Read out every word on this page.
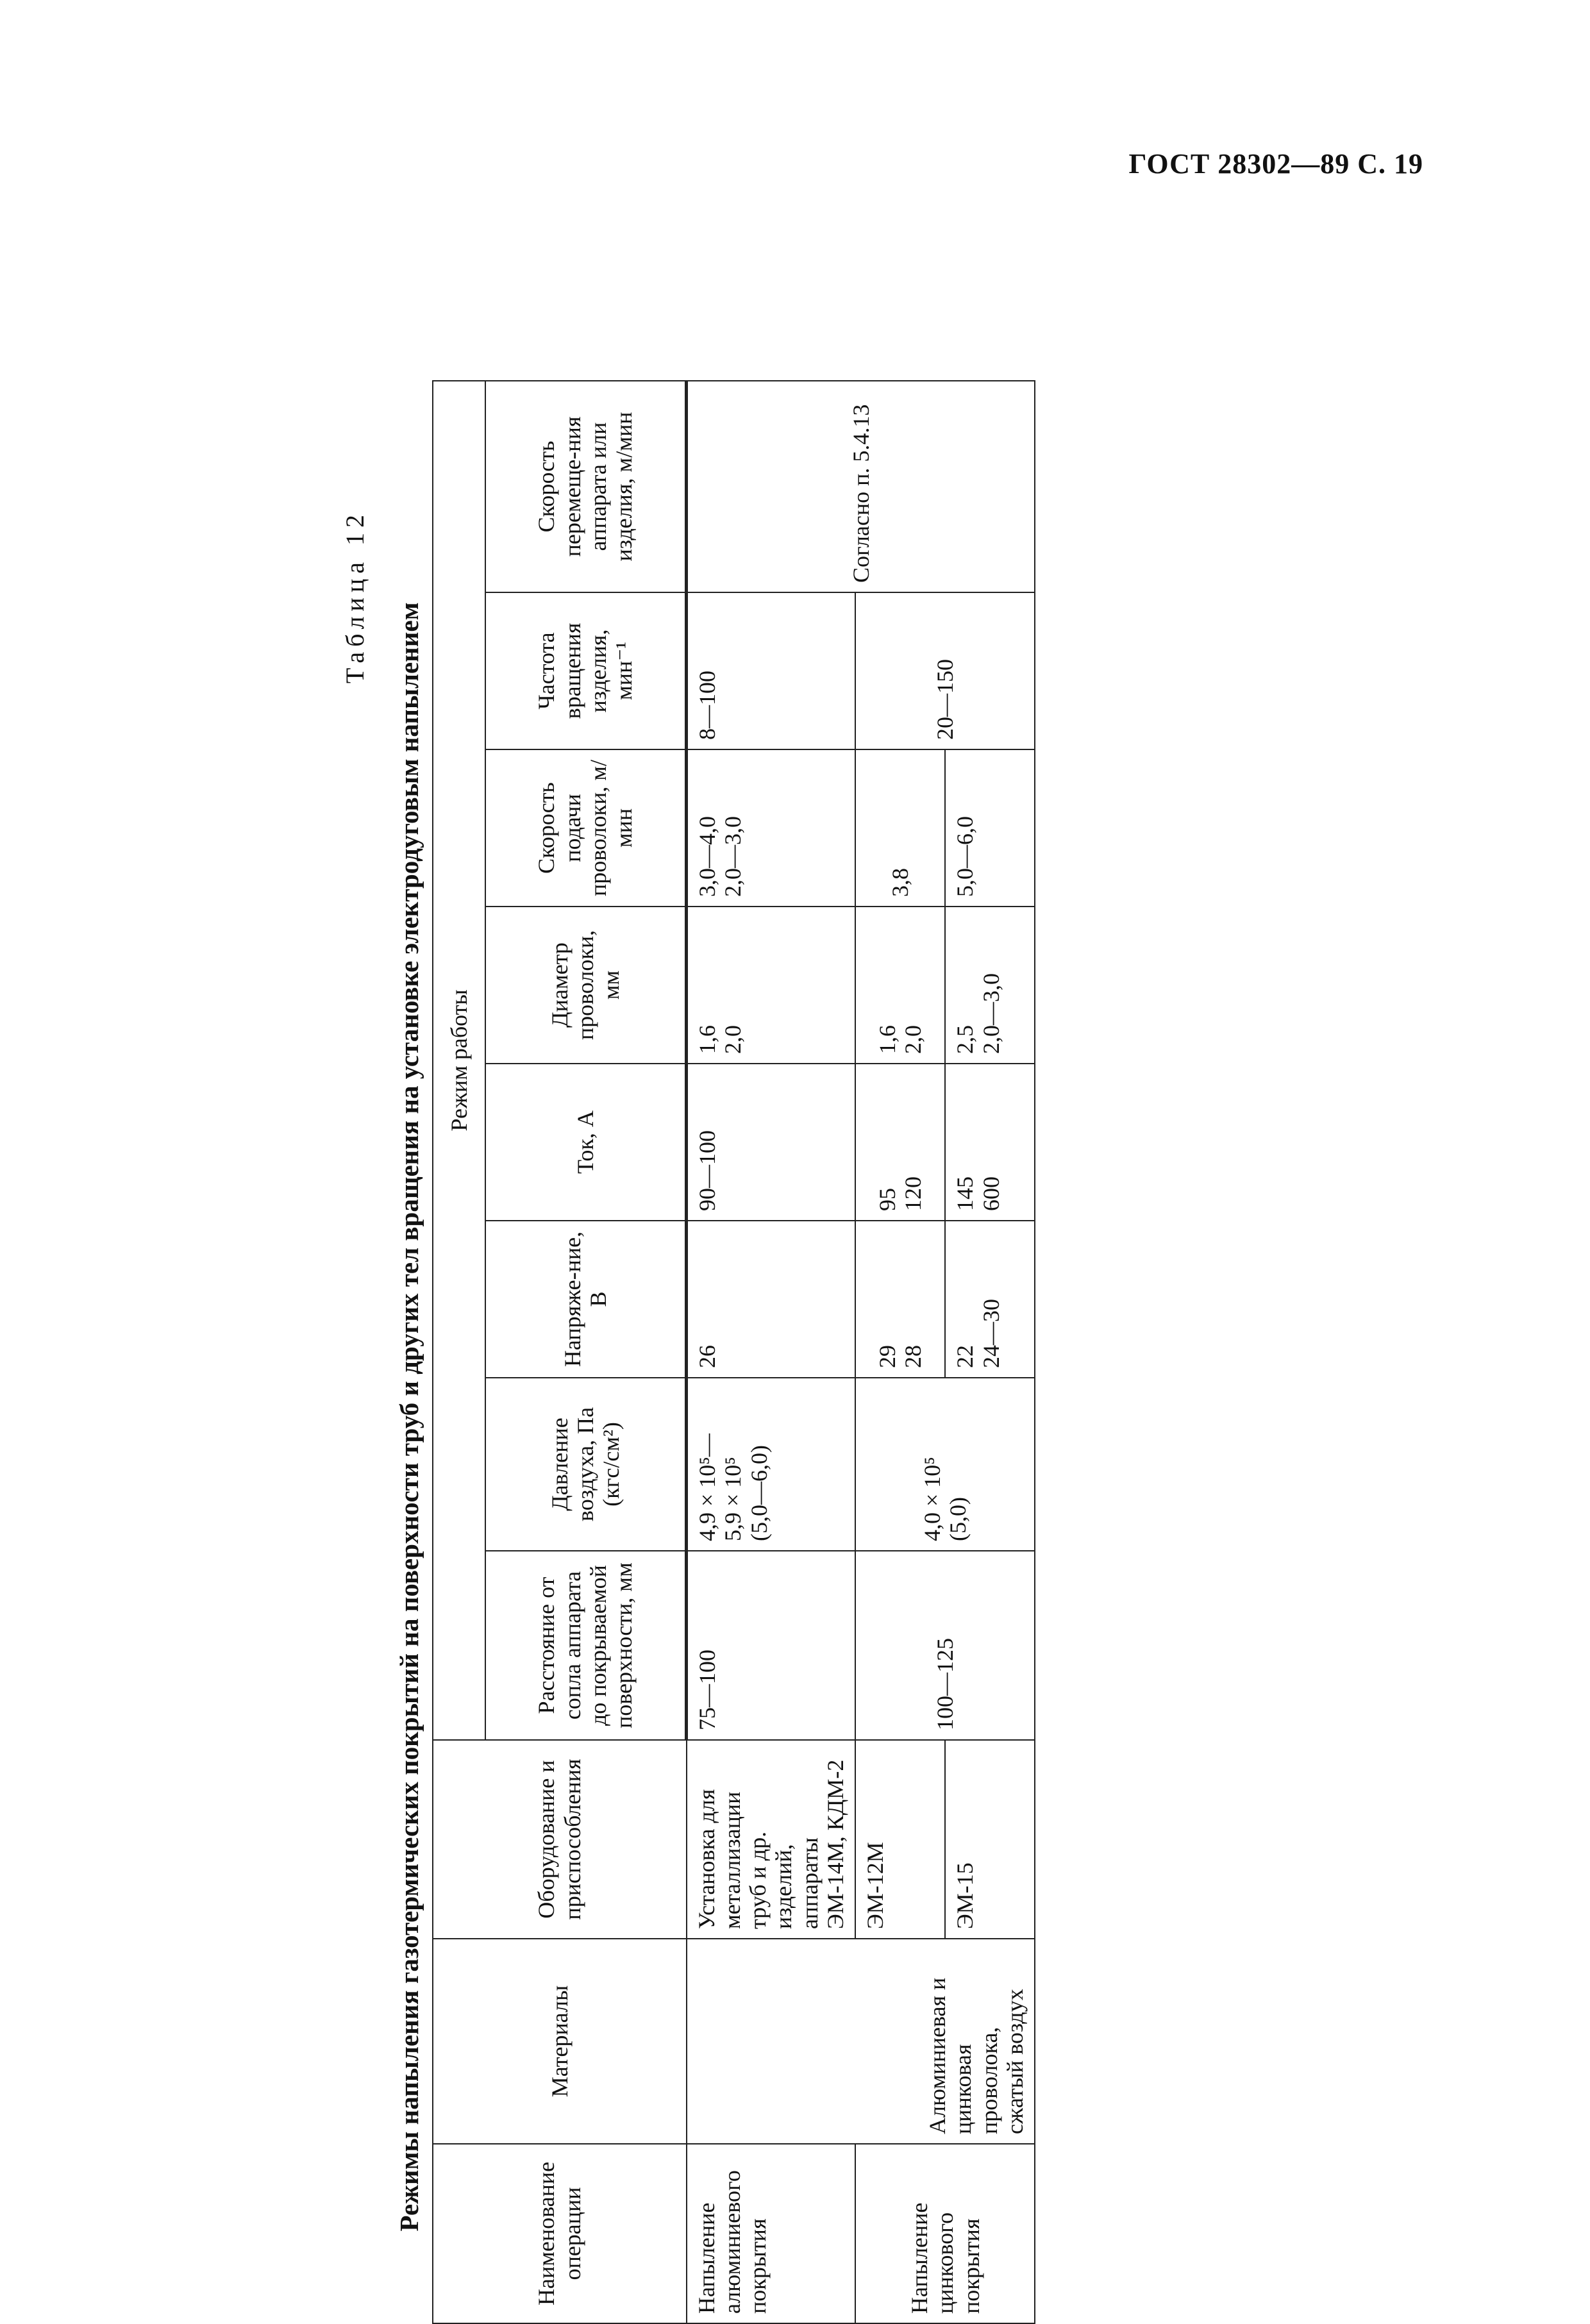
ГОСТ 28302—89 С. 19
Таблица 12
Режимы напыления газотермических покрытий на поверхности труб и других тел вращения на установке электродуговым напылением
Наименование операции	Материалы	Оборудование и приспособления	Режим работы							
			Расстояние от сопла аппарата до покрываемой поверхности, мм	Давление воздуха, Па (кгс/см²)	Напряже-ние, В	Ток, А	Диаметр проволоки, мм	Скорость подачи проволоки, м/мин	Частота вращения изделия, мин⁻¹	Скорость перемеще-ния аппарата или изделия, м/мин
Напыление алюминиевого покрытия	Алюминиевая и цинковая проволока, сжатый воздух	Установка для металлизации труб и др. изделий, аппараты ЭМ-14М, КДМ-2	75—100	4,9 × 10⁵— 5,9 × 10⁵ (5,0—6,0)	26	90—100	1,6 2,0	3,0—4,0 2,0—3,0	8—100	Согласно п. 5.4.13
Напыление цинкового покрытия		ЭМ-12М	100—125	4,0 × 10⁵ (5,0)	29 28	95 120	1,6 2,0	3,8	20—150	
		ЭМ-15			22 24—30	145 600	2,5 2,0—3,0	5,0—6,0		
